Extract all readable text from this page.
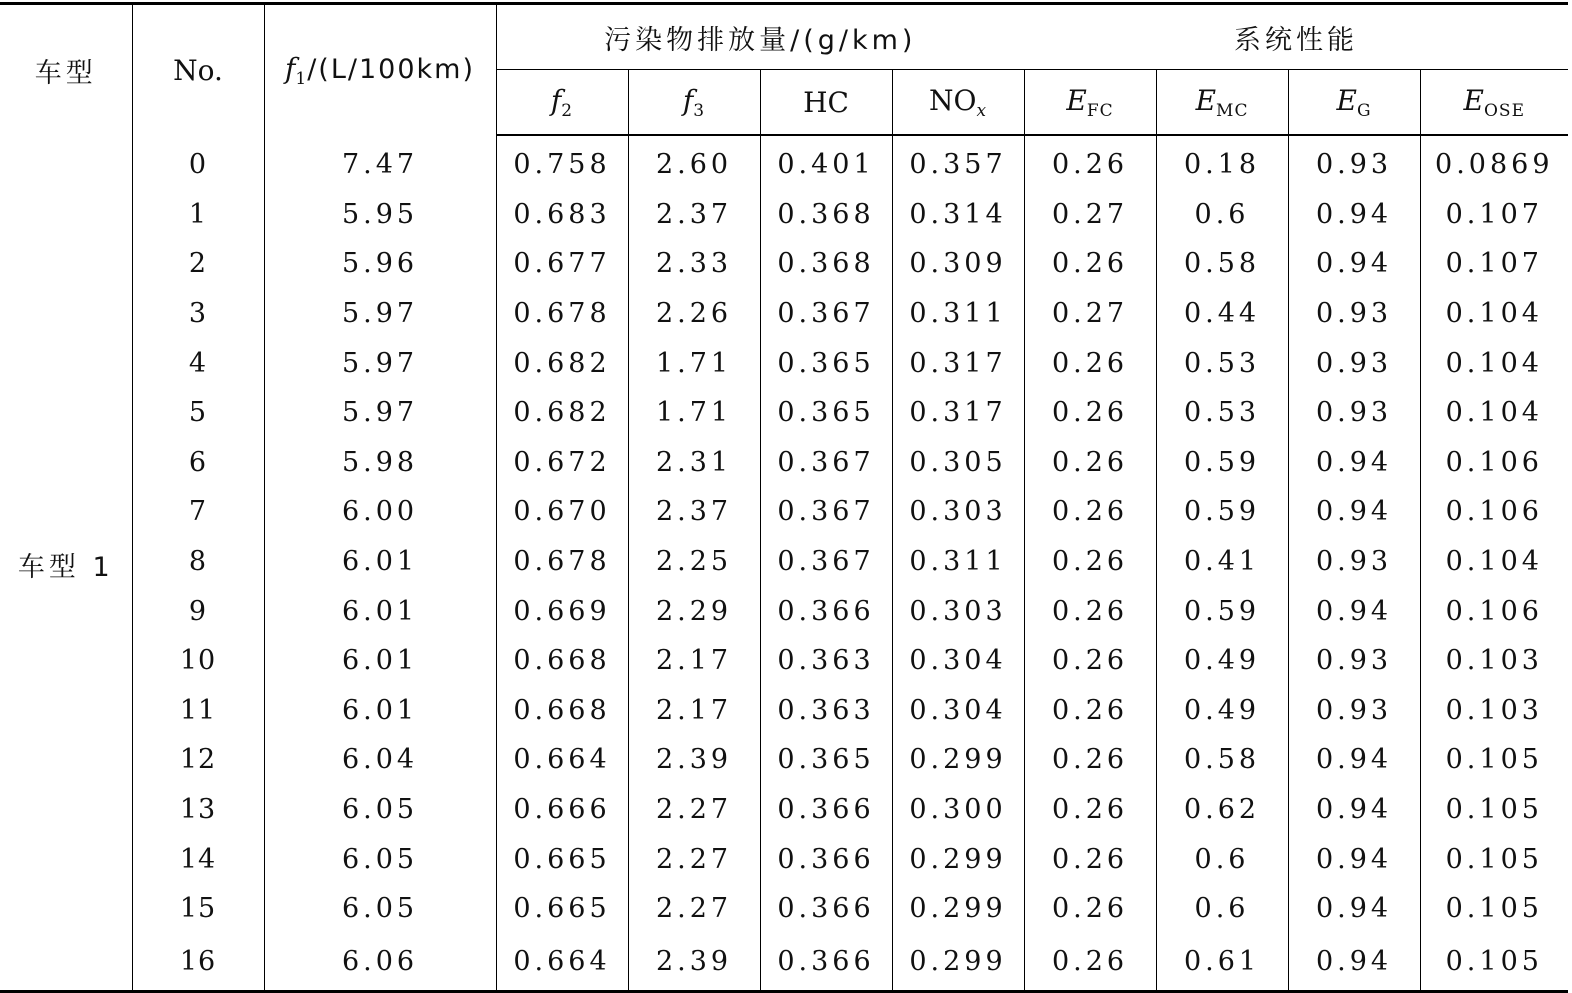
车型	No.	$f_1/(L/100km)$	污染物排放量/(g/km)				系统性能			
			$f_2$	$f_3$	HC	$NO_x$	$E_{FC}$	$E_{MC}$	$E_G$	$E_{OSE}$
车型 1	0	7.47	0.758	2.60	0.401	0.357	0.26	0.18	0.93	0.0869
	1	5.95	0.683	2.37	0.368	0.314	0.27	0.6	0.94	0.107
	2	5.96	0.677	2.33	0.368	0.309	0.26	0.58	0.94	0.107
	3	5.97	0.678	2.26	0.367	0.311	0.27	0.44	0.93	0.104
	4	5.97	0.682	1.71	0.365	0.317	0.26	0.53	0.93	0.104
	5	5.97	0.682	1.71	0.365	0.317	0.26	0.53	0.93	0.104
	6	5.98	0.672	2.31	0.367	0.305	0.26	0.59	0.94	0.106
	7	6.00	0.670	2.37	0.367	0.303	0.26	0.59	0.94	0.106
	8	6.01	0.678	2.25	0.367	0.311	0.26	0.41	0.93	0.104
	9	6.01	0.669	2.29	0.366	0.303	0.26	0.59	0.94	0.106
	10	6.01	0.668	2.17	0.363	0.304	0.26	0.49	0.93	0.103
	11	6.01	0.668	2.17	0.363	0.304	0.26	0.49	0.93	0.103
	12	6.04	0.664	2.39	0.365	0.299	0.26	0.58	0.94	0.105
	13	6.05	0.666	2.27	0.366	0.300	0.26	0.62	0.94	0.105
	14	6.05	0.665	2.27	0.366	0.299	0.26	0.6	0.94	0.105
	15	6.05	0.665	2.27	0.366	0.299	0.26	0.6	0.94	0.105
	16	6.06	0.664	2.39	0.366	0.299	0.26	0.61	0.94	0.105
